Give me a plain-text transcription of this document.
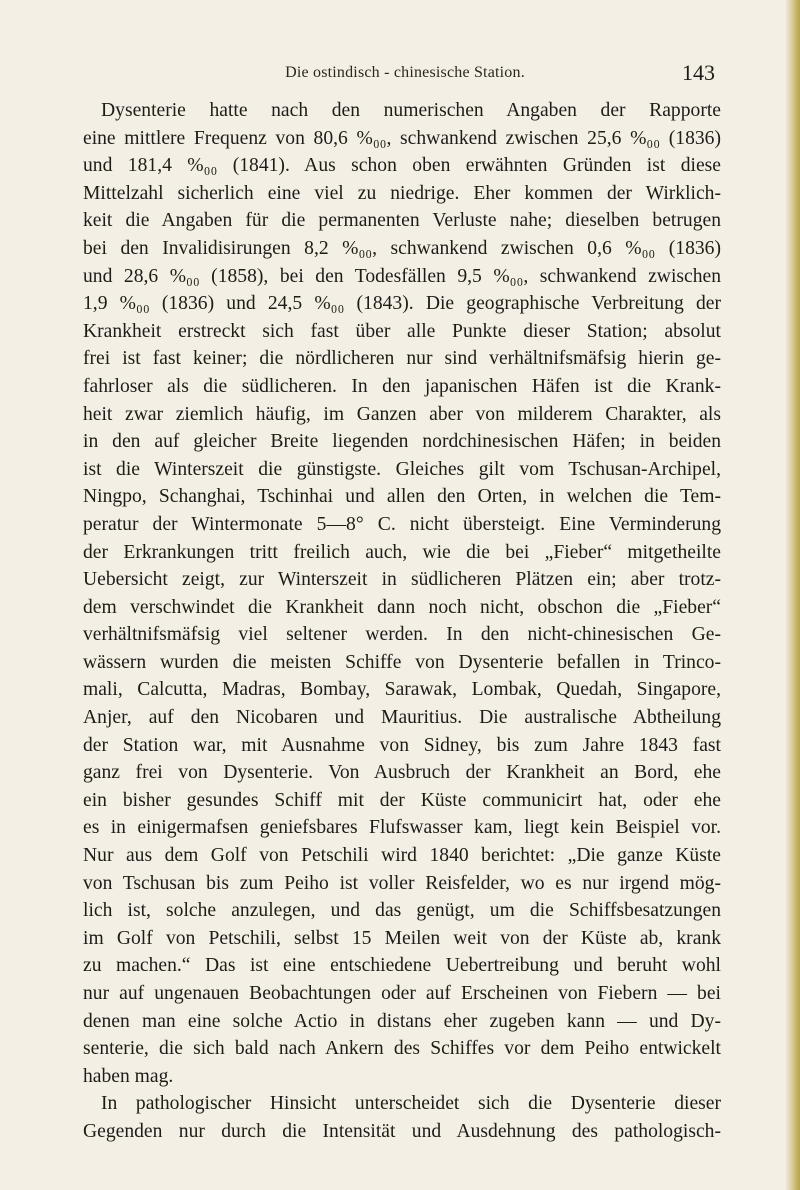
Die ostindisch - chinesische Station.	143
Dysenterie hatte nach den numerischen Angaben der Rapporte
eine mittlere Frequenz von 80,6 %₀₀, schwankend zwischen 25,6 %₀₀ (1836)
und 181,4 %₀₀ (1841). Aus schon oben erwähnten Gründen ist diese
Mittelzahl sicherlich eine viel zu niedrige. Eher kommen der Wirklich-
keit die Angaben für die permanenten Verluste nahe; dieselben betrugen
bei den Invalidisirungen 8,2 %₀₀, schwankend zwischen 0,6 %₀₀ (1836)
und 28,6 %₀₀ (1858), bei den Todesfällen 9,5 %₀₀, schwankend zwischen
1,9 %₀₀ (1836) und 24,5 %₀₀ (1843). Die geographische Verbreitung der
Krankheit erstreckt sich fast über alle Punkte dieser Station; absolut
frei ist fast keiner; die nördlicheren nur sind verhältnifsmäfsig hierin ge-
fahrloser als die südlicheren. In den japanischen Häfen ist die Krank-
heit zwar ziemlich häufig, im Ganzen aber von milderem Charakter, als
in den auf gleicher Breite liegenden nordchinesischen Häfen; in beiden
ist die Winterszeit die günstigste. Gleiches gilt vom Tschusan-Archipel,
Ningpo, Schanghai, Tschinhai und allen den Orten, in welchen die Tem-
peratur der Wintermonate 5—8° C. nicht übersteigt. Eine Verminderung
der Erkrankungen tritt freilich auch, wie die bei „Fieber“ mitgetheilte
Uebersicht zeigt, zur Winterszeit in südlicheren Plätzen ein; aber trotz-
dem verschwindet die Krankheit dann noch nicht, obschon die „Fieber“
verhältnifsmäfsig viel seltener werden. In den nicht-chinesischen Ge-
wässern wurden die meisten Schiffe von Dysenterie befallen in Trinco-
mali, Calcutta, Madras, Bombay, Sarawak, Lombak, Quedah, Singapore,
Anjer, auf den Nicobaren und Mauritius. Die australische Abtheilung
der Station war, mit Ausnahme von Sidney, bis zum Jahre 1843 fast
ganz frei von Dysenterie. Von Ausbruch der Krankheit an Bord, ehe
ein bisher gesundes Schiff mit der Küste communicirt hat, oder ehe
es in einigermafsen geniefsbares Flufswasser kam, liegt kein Beispiel vor.
Nur aus dem Golf von Petschili wird 1840 berichtet: „Die ganze Küste
von Tschusan bis zum Peiho ist voller Reisfelder, wo es nur irgend mög-
lich ist, solche anzulegen, und das genügt, um die Schiffsbesatzungen
im Golf von Petschili, selbst 15 Meilen weit von der Küste ab, krank
zu machen.“ Das ist eine entschiedene Uebertreibung und beruht wohl
nur auf ungenauen Beobachtungen oder auf Erscheinen von Fiebern — bei
denen man eine solche Actio in distans eher zugeben kann — und Dy-
senterie, die sich bald nach Ankern des Schiffes vor dem Peiho entwickelt
haben mag.
In pathologischer Hinsicht unterscheidet sich die Dysenterie dieser
Gegenden nur durch die Intensität und Ausdehnung des pathologisch-
